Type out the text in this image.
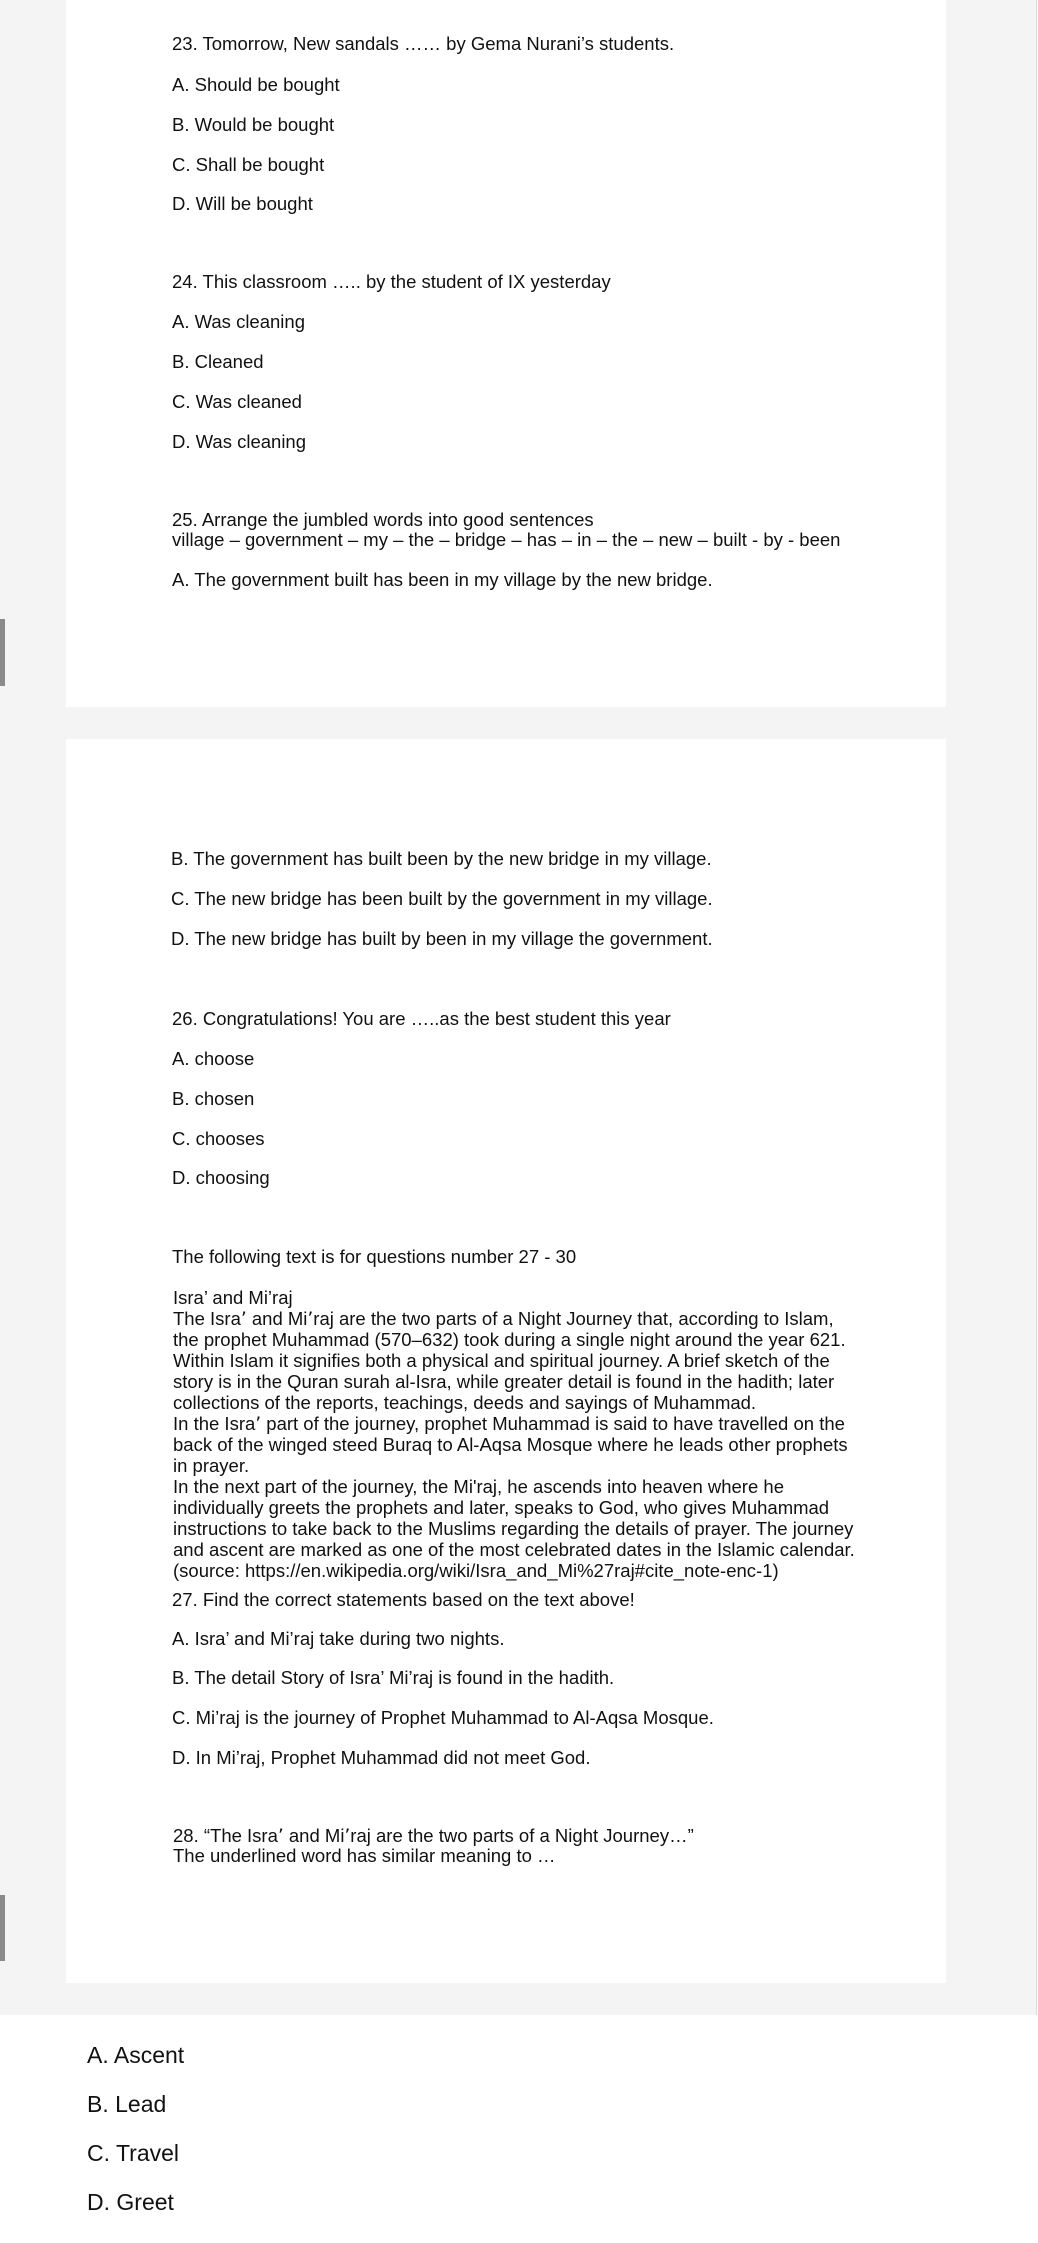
23. Tomorrow, New sandals …… by Gema Nurani’s students.
A. Should be bought
B. Would be bought
C. Shall be bought
D. Will be bought
24. This classroom ….. by the student of IX yesterday
A. Was cleaning
B. Cleaned
C. Was cleaned
D. Was cleaning
25. Arrange the jumbled words into good sentences
village – government – my – the – bridge – has – in – the – new – built - by - been
A. The government built has been in my village by the new bridge.
B. The government has built been by the new bridge in my village.
C. The new bridge has been built by the government in my village.
D. The new bridge has built by been in my village the government.
26. Congratulations! You are …..as the best student this year
A. choose
B. chosen
C. chooses
D. choosing
The following text is for questions number 27 - 30
Isra’ and Mi’raj
The Isra՚ and Mi՚raj are the two parts of a Night Journey that, according to Islam, the prophet Muhammad (570–632) took during a single night around the year 621.
Within Islam it signifies both a physical and spiritual journey. A brief sketch of the story is in the Quran surah al-Isra, while greater detail is found in the hadith; later collections of the reports, teachings, deeds and sayings of Muhammad.
In the Isra՚ part of the journey, prophet Muhammad is said to have travelled on the back of the winged steed Buraq to Al-Aqsa Mosque where he leads other prophets in prayer.
In the next part of the journey, the Mi'raj, he ascends into heaven where he individually greets the prophets and later, speaks to God, who gives Muhammad instructions to take back to the Muslims regarding the details of prayer. The journey and ascent are marked as one of the most celebrated dates in the Islamic calendar.
(source: https://en.wikipedia.org/wiki/Isra_and_Mi%27raj#cite_note-enc-1)
27. Find the correct statements based on the text above!
A. Isra’ and Mi’raj take during two nights.
B. The detail Story of Isra’ Mi’raj is found in the hadith.
C. Mi’raj is the journey of Prophet Muhammad to Al-Aqsa Mosque.
D. In Mi’raj, Prophet Muhammad did not meet God.
28. “The Isra՚ and Mi՚raj are the two parts of a Night Journey…”
The underlined word has similar meaning to …
A. Ascent
B. Lead
C. Travel
D. Greet
